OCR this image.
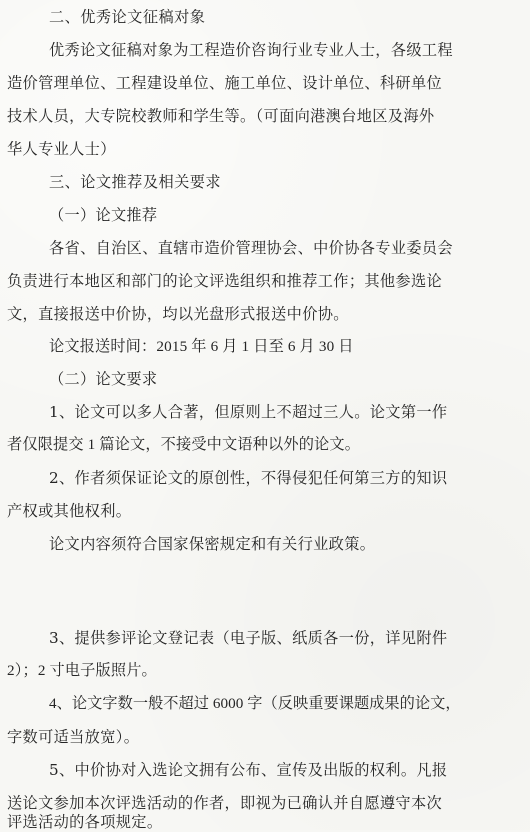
二、优秀论文征稿对象
优秀论文征稿对象为工程造价咨询行业专业人士，各级工程
造价管理单位、工程建设单位、施工单位、设计单位、科研单位
技术人员，大专院校教师和学生等。（可面向港澳台地区及海外
华人专业人士）
三、论文推荐及相关要求
（一）论文推荐
各省、自治区、直辖市造价管理协会、中价协各专业委员会
负责进行本地区和部门的论文评选组织和推荐工作；其他参选论
文，直接报送中价协，均以光盘形式报送中价协。
论文报送时间：2015 年 6 月 1 日至 6 月 30 日
（二）论文要求
1、论文可以多人合著，但原则上不超过三人。论文第一作
者仅限提交 1 篇论文，不接受中文语种以外的论文。
2、作者须保证论文的原创性，不得侵犯任何第三方的知识
产权或其他权利。
论文内容须符合国家保密规定和有关行业政策。
3、提供参评论文登记表（电子版、纸质各一份，详见附件
2）；2 寸电子版照片。
4、论文字数一般不超过 6000 字（反映重要课题成果的论文，
字数可适当放宽）。
5、中价协对入选论文拥有公布、宣传及出版的权利。凡报
送论文参加本次评选活动的作者，即视为已确认并自愿遵守本次
评选活动的各项规定。
